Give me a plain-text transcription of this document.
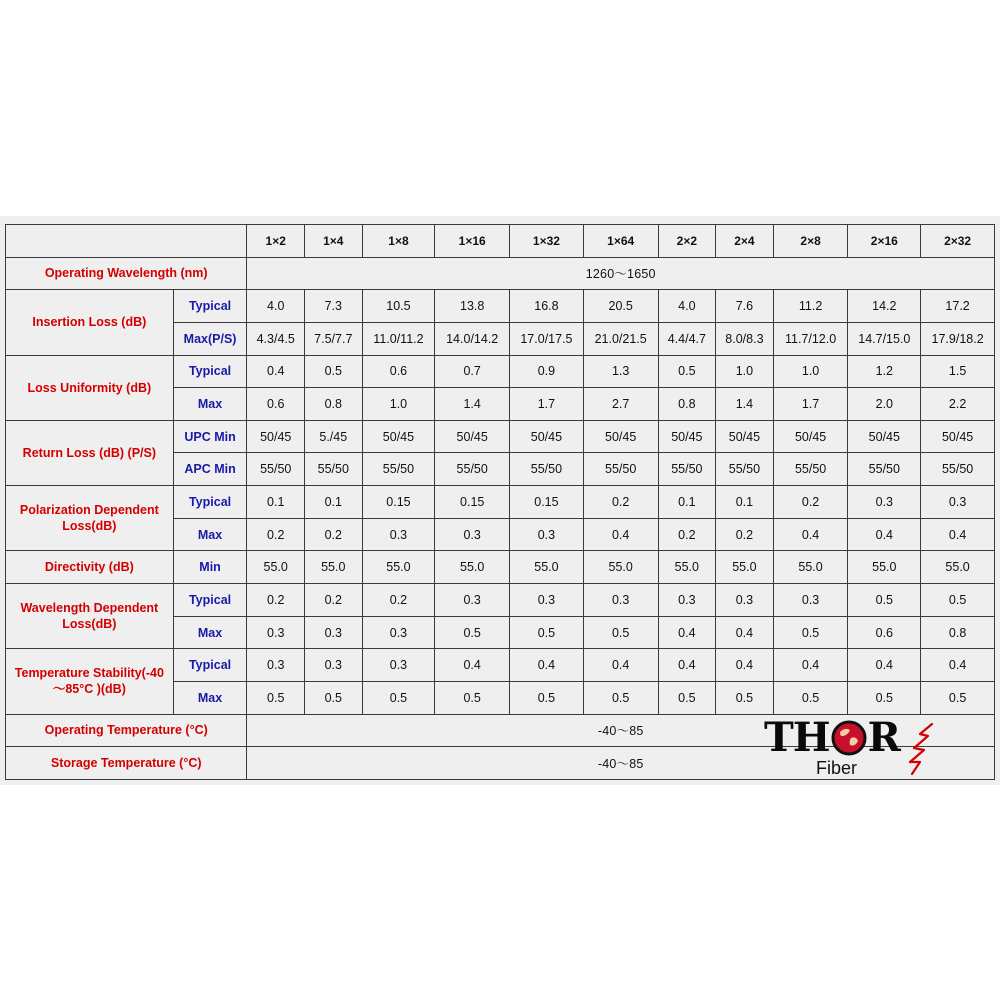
		1×2	1×4	1×8	1×16	1×32	1×64	2×2	2×4	2×8	2×16	2×32
Operating Wavelength (nm)		1260～1650										
Insertion Loss (dB)	Typical	4.0	7.3	10.5	13.8	16.8	20.5	4.0	7.6	11.2	14.2	17.2
	Max(P/S)	4.3/4.5	7.5/7.7	11.0/11.2	14.0/14.2	17.0/17.5	21.0/21.5	4.4/4.7	8.0/8.3	11.7/12.0	14.7/15.0	17.9/18.2
Loss Uniformity (dB)	Typical	0.4	0.5	0.6	0.7	0.9	1.3	0.5	1.0	1.0	1.2	1.5
	Max	0.6	0.8	1.0	1.4	1.7	2.7	0.8	1.4	1.7	2.0	2.2
Return Loss (dB) (P/S)	UPC Min	50/45	5./45	50/45	50/45	50/45	50/45	50/45	50/45	50/45	50/45	50/45
	APC Min	55/50	55/50	55/50	55/50	55/50	55/50	55/50	55/50	55/50	55/50	55/50
Polarization Dependent Loss(dB)	Typical	0.1	0.1	0.15	0.15	0.15	0.2	0.1	0.1	0.2	0.3	0.3
	Max	0.2	0.2	0.3	0.3	0.3	0.4	0.2	0.2	0.4	0.4	0.4
Directivity (dB)	Min	55.0	55.0	55.0	55.0	55.0	55.0	55.0	55.0	55.0	55.0	55.0
Wavelength Dependent Loss(dB)	Typical	0.2	0.2	0.2	0.3	0.3	0.3	0.3	0.3	0.3	0.5	0.5
	Max	0.3	0.3	0.3	0.5	0.5	0.5	0.4	0.4	0.5	0.6	0.8
Temperature Stability(-40～85°C )(dB)	Typical	0.3	0.3	0.3	0.4	0.4	0.4	0.4	0.4	0.4	0.4	0.4
	Max	0.5	0.5	0.5	0.5	0.5	0.5	0.5	0.5	0.5	0.5	0.5
Operating Temperature (°C)		-40～85										
Storage Temperature (°C)		-40～85										
TH R
Fiber
